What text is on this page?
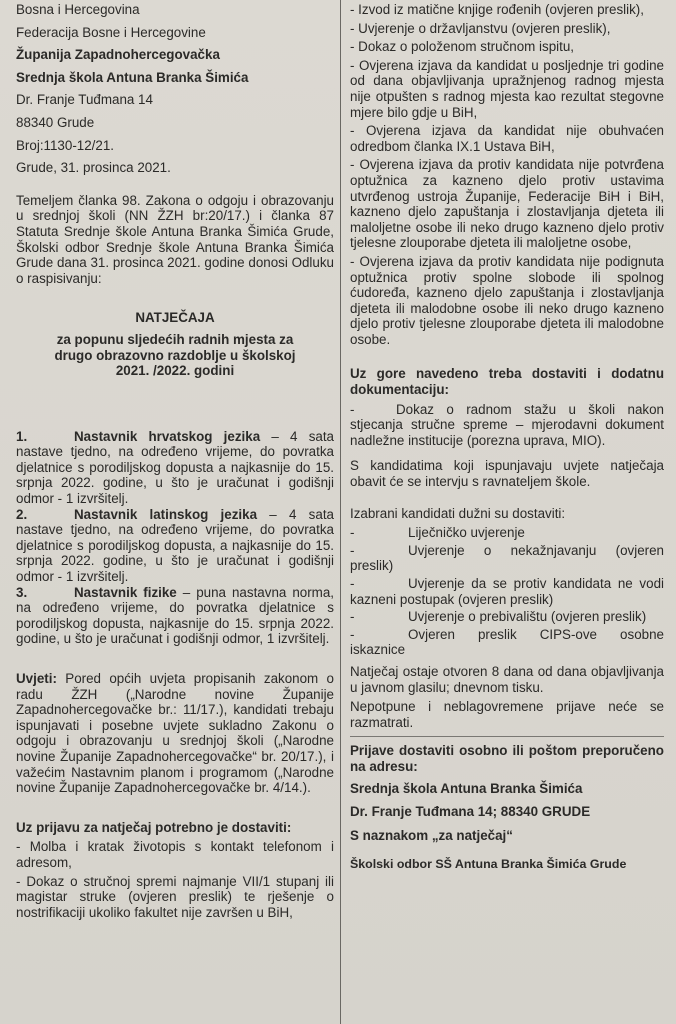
Bosna i Hercegovina

Federacija Bosne i Hercegovine

Županija Zapadnohercegovačka

Srednja škola Antuna Branka Šimića

Dr. Franje Tuđmana 14

88340 Grude

Broj:1130-12/21.

Grude, 31. prosinca 2021.

Temeljem članka 98. Zakona o odgoju i obrazovanju u srednjoj školi (NN ŽZH br:20/17.) i članka 87 Statuta Srednje škole Antuna Branka Šimića Grude, Školski odbor Srednje škole Antuna Branka Šimića Grude dana 31. prosinca 2021. godine donosi Odluku o raspisivanju:

NATJEČAJA

za popunu sljedećih radnih mjesta za drugo obrazovno razdoblje u školskoj 2021. /2022. godini

1.	Nastavnik hrvatskog jezika – 4 sata nastave tjedno, na određeno vrijeme, do povratka djelatnice s porodiljskog dopusta a najkasnije do 15. srpnja 2022. godine, u što je uračunat i godišnji odmor - 1 izvršitelj.

2.	Nastavnik latinskog jezika – 4 sata nastave tjedno, na određeno vrijeme, do povratka djelatnice s porodiljskog dopusta, a najkasnije do 15. srpnja 2022. godine, u što je uračunat i godišnji odmor - 1 izvršitelj.

3.	Nastavnik fizike – puna nastavna norma, na određeno vrijeme, do povratka djelatnice s porodiljskog dopusta, najkasnije do 15. srpnja 2022. godine, u što je uračunat i godišnji odmor, 1 izvršitelj.

Uvjeti: Pored općih uvjeta propisanih zakonom o radu ŽZH („Narodne novine Županije Zapadnohercegovačke br.: 11/17.), kandidati trebaju ispunjavati i posebne uvjete sukladno Zakonu o odgoju i obrazovanju u srednjoj školi („Narodne novine Županije Zapadnohercegovačke“ br. 20/17.), i važećim Nastavnim planom i programom („Narodne novine Županije Zapadnohercegovačke br. 4/14.).

Uz prijavu za natječaj potrebno je dostaviti:

- Molba i kratak životopis s kontakt telefonom i adresom,

- Dokaz o stručnoj spremi najmanje VII/1 stupanj ili magistar struke (ovjeren preslik) te rješenje o nostrifikaciji ukoliko fakultet nije završen u BiH,

- Izvod iz matične knjige rođenih (ovjeren preslik),

- Uvjerenje o državljanstvu (ovjeren preslik),

- Dokaz o položenom stručnom ispitu,

- Ovjerena izjava da kandidat u posljednje tri godine od dana objavljivanja upražnjenog radnog mjesta nije otpušten s radnog mjesta kao rezultat stegovne mjere bilo gdje u BiH,

- Ovjerena izjava da kandidat nije obuhvaćen odredbom članka IX.1 Ustava BiH,

- Ovjerena izjava da protiv kandidata nije potvrđena optužnica za kazneno djelo protiv ustavima utvrđenog ustroja Županije, Federacije BiH i BiH, kazneno djelo zapuštanja i zlostavljanja djeteta ili maloljetne osobe ili neko drugo kazneno djelo protiv tjelesne zlouporabe djeteta ili maloljetne osobe,

- Ovjerena izjava da protiv kandidata nije podignuta optužnica protiv spolne slobode ili spolnog ćudoređa, kazneno djelo zapuštanja i zlostavljanja djeteta ili malodobne osobe ili neko drugo kazneno djelo protiv tjelesne zlouporabe djeteta ili malodobne osobe.

Uz gore navedeno treba dostaviti i dodatnu dokumentaciju:

-	Dokaz o radnom stažu u školi nakon stjecanja stručne spreme – mjerodavni dokument nadležne institucije (porezna uprava, MIO).

S kandidatima koji ispunjavaju uvjete natječaja obavit će se intervju s ravnateljem škole.

Izabrani kandidati dužni su dostaviti:

-	Liječničko uvjerenje

-	Uvjerenje o nekažnjavanju (ovjeren preslik)

-	Uvjerenje da se protiv kandidata ne vodi kazneni postupak (ovjeren preslik)

-	Uvjerenje o prebivalištu (ovjeren preslik)

-	Ovjeren preslik CIPS-ove osobne iskaznice

Natječaj ostaje otvoren 8 dana od dana objavljivanja u javnom glasilu; dnevnom tisku.

Nepotpune i neblagovremene prijave neće se razmatrati.

Prijave dostaviti osobno ili poštom preporučeno na adresu:

Srednja škola Antuna Branka Šimića

Dr. Franje Tuđmana 14; 88340 GRUDE

S naznakom „za natječaj“

Školski odbor SŠ Antuna Branka Šimića Grude
